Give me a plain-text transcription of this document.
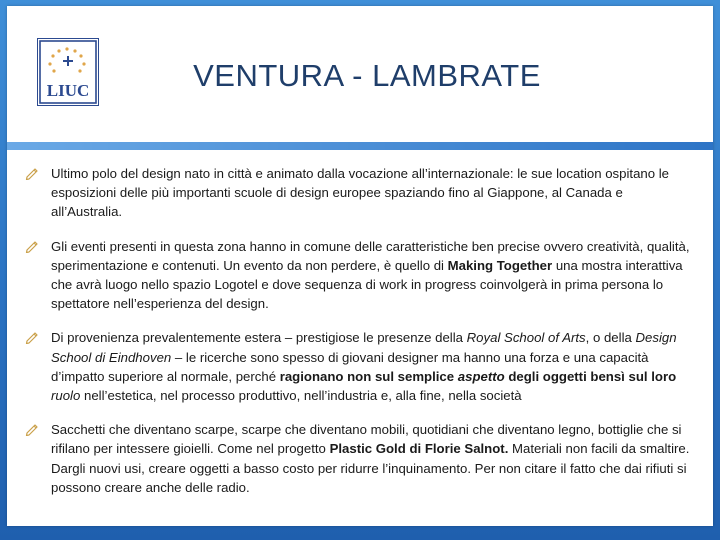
LIUC	VENTURA - LAMBRATE
Ultimo polo del design nato in città e animato dalla vocazione all’internazionale: le sue location ospitano le esposizioni delle più importanti scuole di design europee spaziando fino al Giappone, al Canada e all’Australia.
Gli eventi presenti in questa zona hanno in comune delle caratteristiche ben precise ovvero creatività, qualità, sperimentazione e contenuti. Un evento da non perdere, è quello di Making Together una mostra interattiva che avrà luogo nello spazio Logotel e dove sequenza di work in progress coinvolgerà in prima persona lo spettatore nell’esperienza del design.
Di provenienza prevalentemente estera – prestigiose le presenze della Royal School of Arts, o della Design School di Eindhoven – le ricerche sono spesso di giovani designer ma hanno una forza e una capacità d’impatto superiore al normale, perché ragionano non sul semplice aspetto degli oggetti bensì sul loro ruolo nell’estetica, nel processo produttivo, nell’industria e, alla fine, nella società
Sacchetti che diventano scarpe, scarpe che diventano mobili, quotidiani che diventano legno, bottiglie che si rifilano per intessere gioielli. Come nel progetto Plastic Gold di Florie Salnot. Materiali non facili da smaltire. Dargli nuovi usi, creare oggetti a basso costo per ridurre l’inquinamento. Per non citare il fatto che dai rifiuti si possono creare anche delle radio.
